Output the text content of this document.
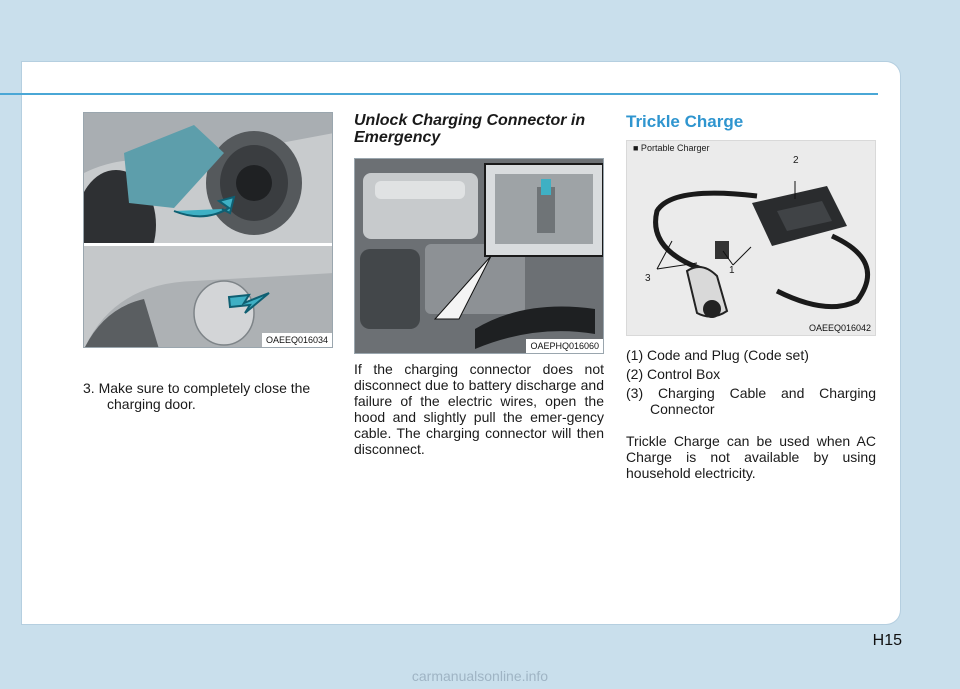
OAEEQ016034
3. Make sure to completely close the charging door.
Unlock Charging Connector in Emergency
OAEPHQ016060
If the charging connector does not disconnect due to battery discharge and failure of the electric wires, open the hood and slightly pull the emer-gency cable. The charging connector will then disconnect.
Trickle Charge
■ Portable Charger
2
3
1
OAEEQ016042
(1) Code and Plug (Code set)
(2) Control Box
(3) Charging Cable and Charging Connector
Trickle Charge can be used when AC Charge is not available by using household electricity.
H15
carmanualsonline.info
